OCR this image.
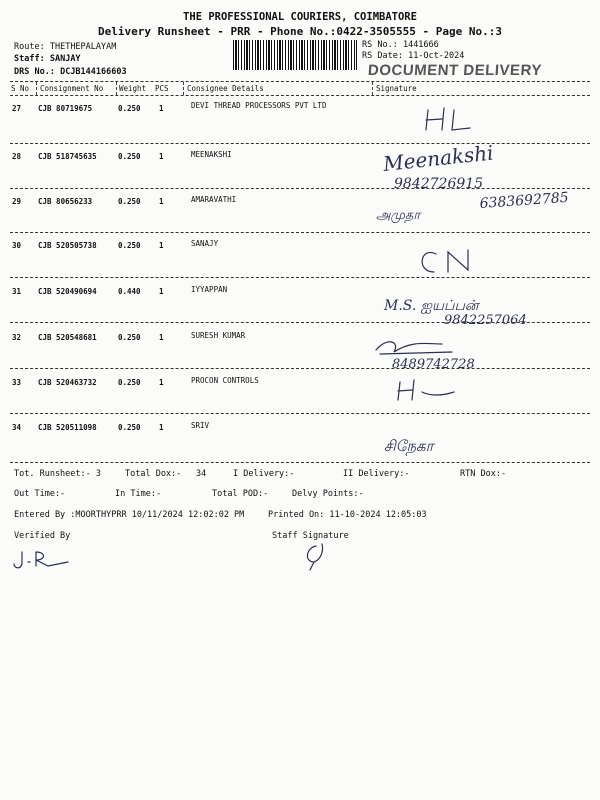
THE PROFESSIONAL COURIERS, COIMBATORE
Delivery Runsheet - PRR - Phone No.:0422-3505555 - Page No.:3
Route: THETHEPALAYAM
Staff: SANJAY
DRS No.: DCJB144166603
RS No.: 1441666
RS Date: 11-Oct-2024
DOCUMENT DELIVERY
S No Consignment No Weight PCS Consignee Details	Signature
27 CJB 80719675	0.250 1	DEVI THREAD PROCESSORS PVT LTD
28 CJB 518745635	0.250 1	MEENAKSHI
29 CJB 80656233	0.250 1	AMARAVATHI
30 CJB 520505738	0.250 1	SANAJY
31 CJB 520490694	0.440 1	IYYAPPAN
32 CJB 520548681	0.250 1	SURESH KUMAR
33 CJB 520463732	0.250 1	PROCON CONTROLS
34 CJB 520511098	0.250 1	SRIV
Meenakshi
9842726915
அமுதா
6383692785
M.S. ஐயப்பன்
9842257064
8489742728
சிநேகா
Tot. Runsheet:- 3	Total Dox:- 34	I Delivery:-	II Delivery:-	RTN Dox:-
Out Time:-	In Time:-	Total POD:-	Delvy Points:-
Entered By :MOORTHYPRR 10/11/2024 12:02:02 PM	Printed On: 11-10-2024 12:05:03
Verified By	Staff Signature
